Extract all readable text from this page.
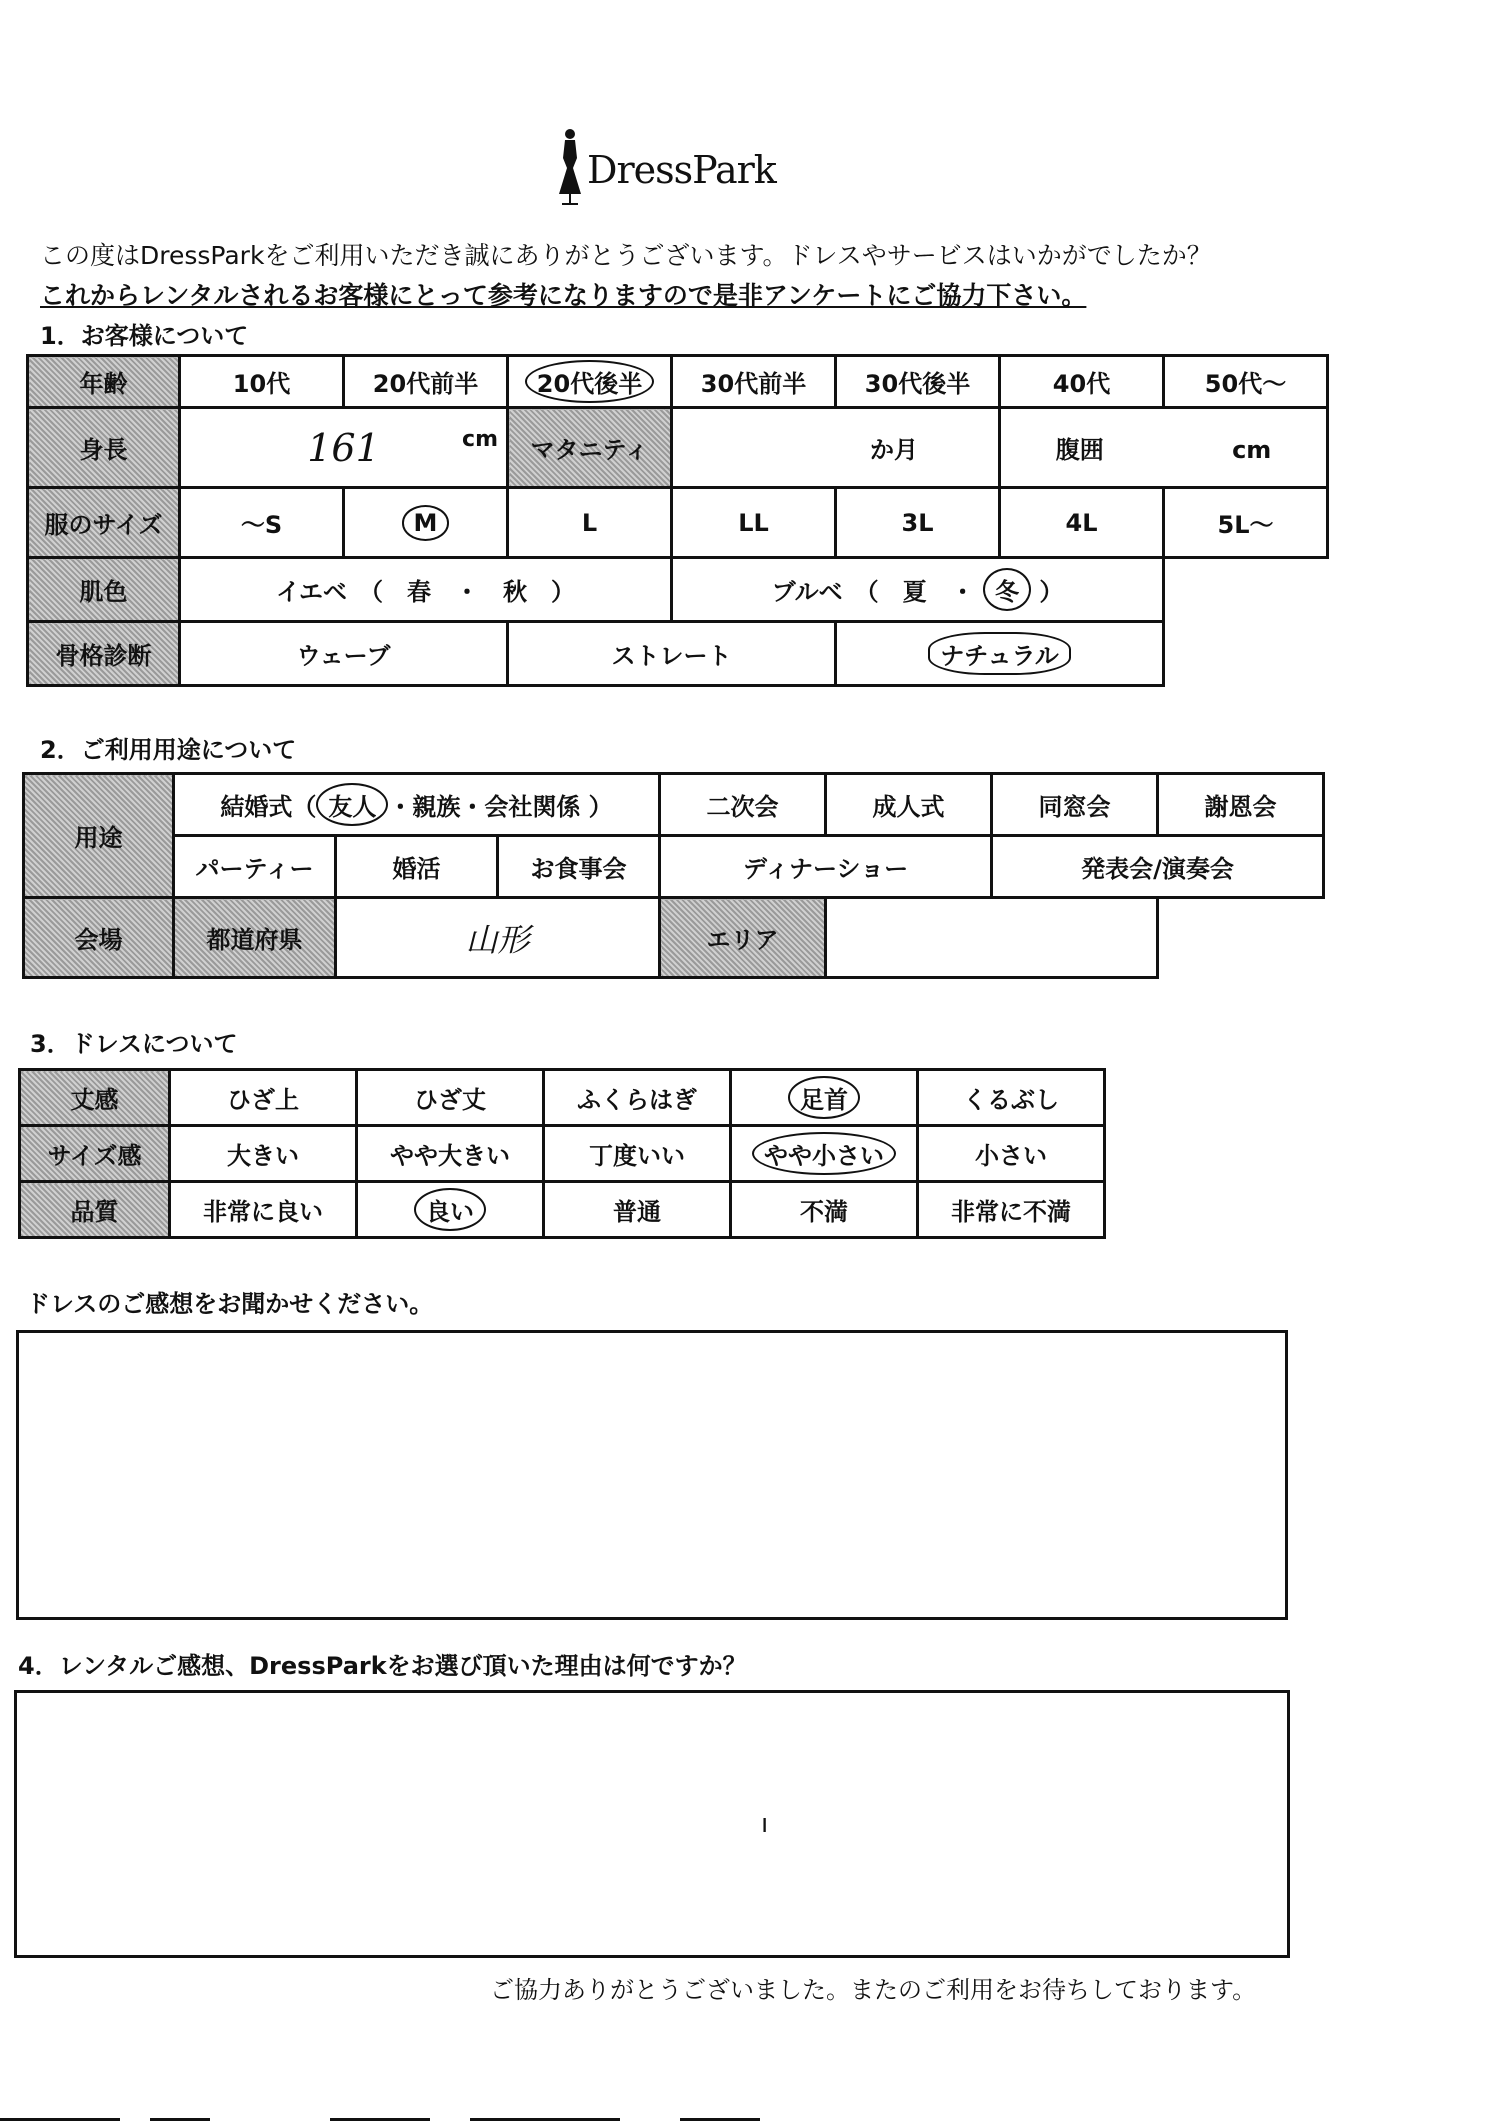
DressPark
この度はDressParkをご利用いただき誠にありがとうございます。ドレスやサービスはいかがでしたか？
これからレンタルされるお客様にとって参考になりますので是非アンケートにご協力下さい。
1．お客様について
年齢	10代	20代前半	20代後半	30代前半	30代後半	40代	50代～
身長	161 cm		マタニティ	か月		腹囲 cm	
服のサイズ	～S	M	L	LL	3L	4L	5L～
肌色	イエベ　（　春　・　秋　）			ブルベ　（　夏　・ 冬 ）			
骨格診断	ウェーブ		ストレート		ナチュラル		
2．ご利用用途について
用途	結婚式（ 友人 ・親族・会社関係 ）			二次会	成人式	同窓会	謝恩会
	パーティー	婚活	お食事会	ディナーショー		発表会/演奏会	
会場	都道府県	山形		エリア			
3．ドレスについて
丈感	ひざ上	ひざ丈	ふくらはぎ	足首	くるぶし
サイズ感	大きい	やや大きい	丁度いい	やや小さい	小さい
品質	非常に良い	良い	普通	不満	非常に不満
ドレスのご感想をお聞かせください。
4．レンタルご感想、DressParkをお選び頂いた理由は何ですか？
ı
ご協力ありがとうございました。またのご利用をお待ちしております。
